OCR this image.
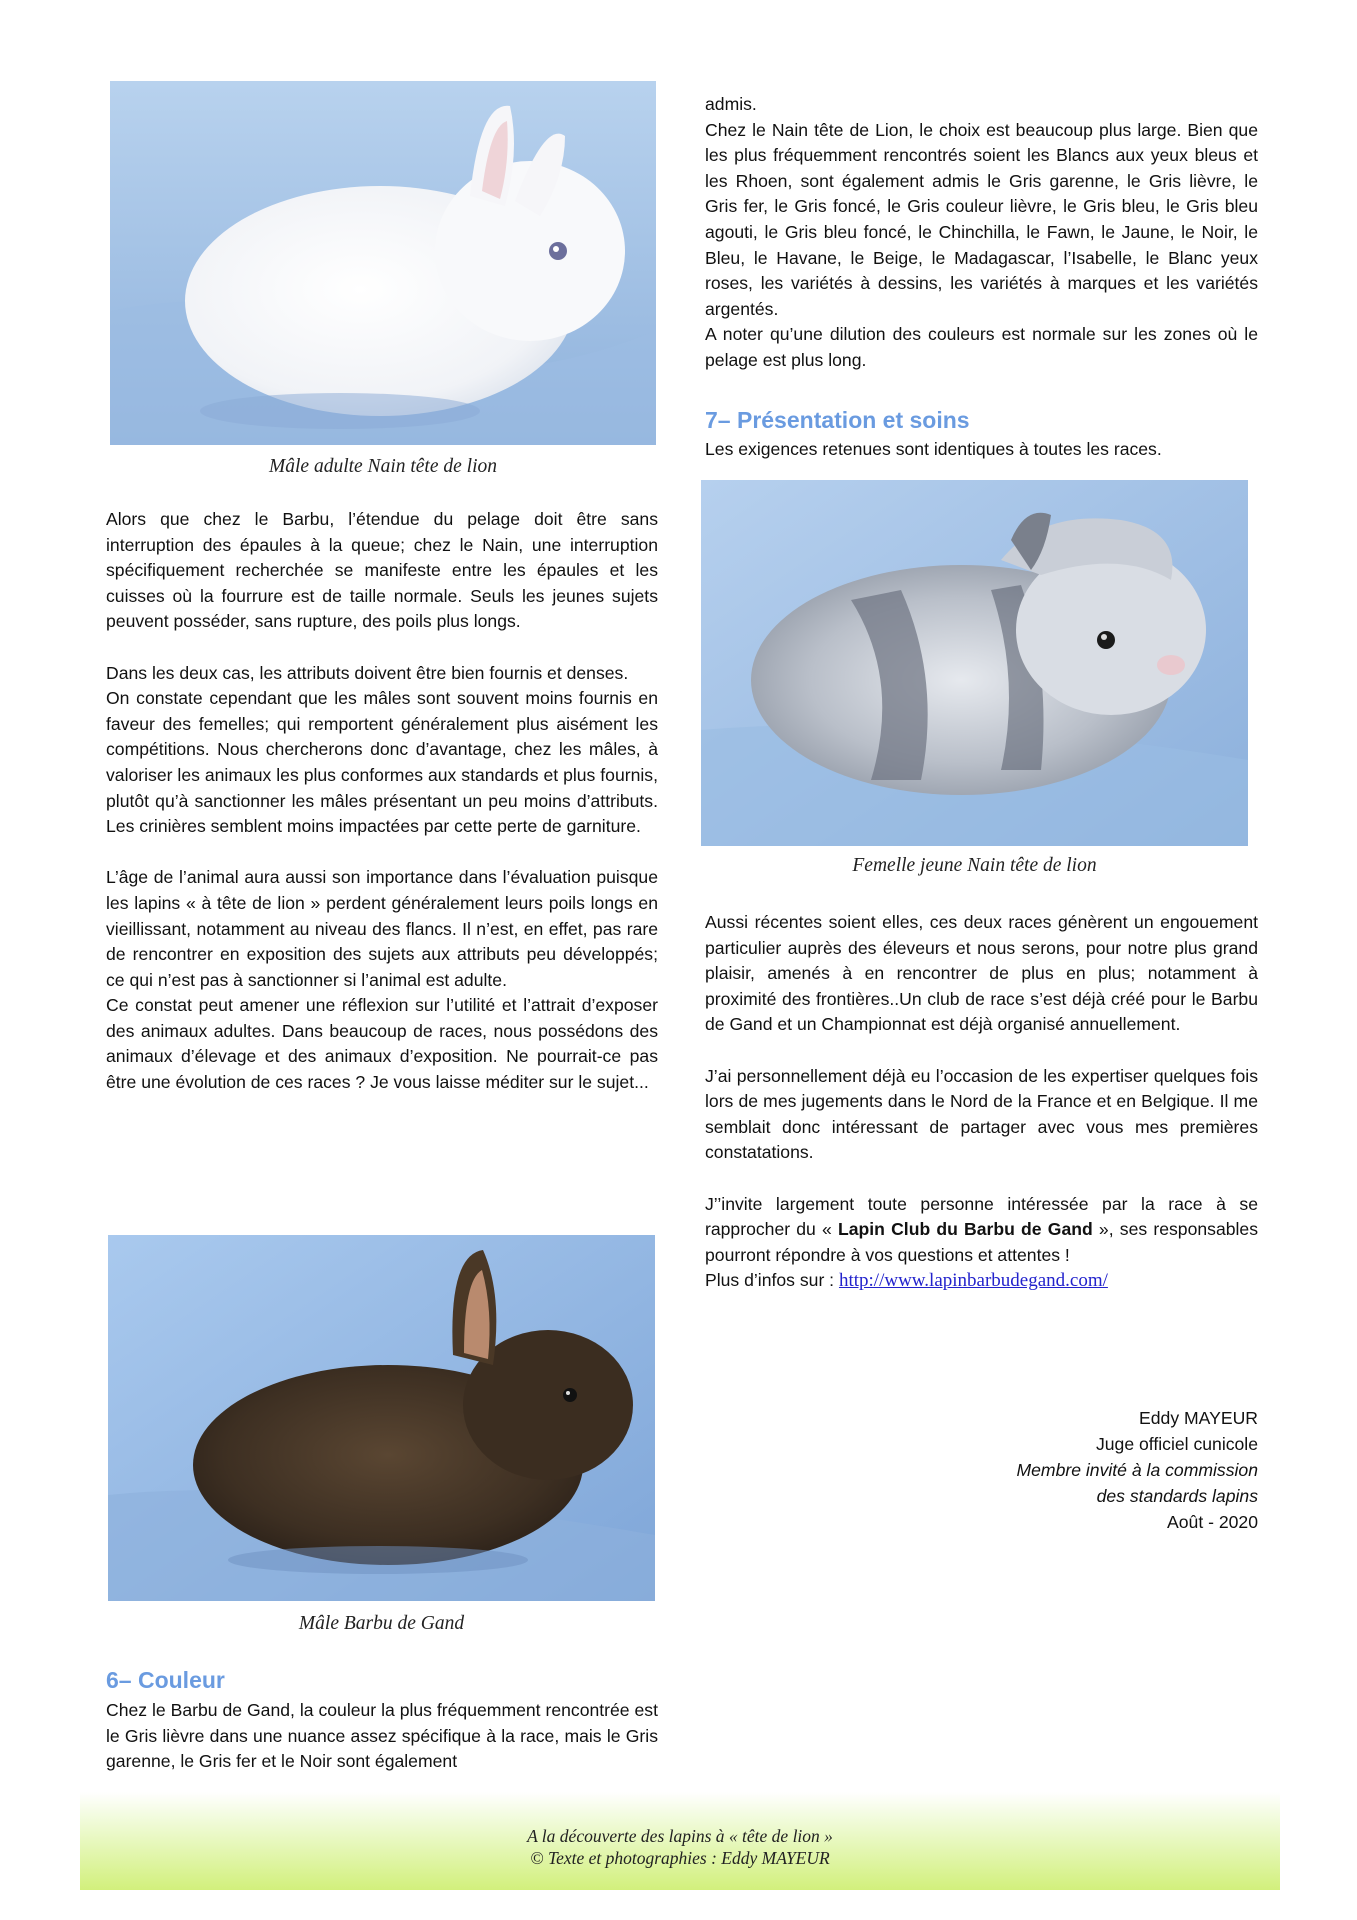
Mâle adulte Nain tête de lion

Alors que chez le Barbu, l’étendue du pelage doit être sans interruption des épaules à la queue; chez le Nain, une interruption spécifiquement recherchée se manifeste entre les épaules et les cuisses où la fourrure est de taille normale. Seuls les jeunes sujets peuvent posséder, sans rupture, des poils plus longs.

Dans les deux cas, les attributs doivent être bien fournis et denses.

On constate cependant que les mâles sont souvent moins fournis en faveur des femelles; qui remportent généralement plus aisément les compétitions. Nous chercherons donc d’avantage, chez les mâles, à valoriser les animaux les plus conformes aux standards et plus fournis, plutôt qu’à sanctionner les mâles présentant un peu moins d’attributs. Les crinières semblent moins impactées par cette perte de garniture.

L’âge de l’animal aura aussi son importance dans l’évaluation puisque les lapins « à tête de lion » perdent généralement leurs poils longs en vieillissant, notamment au niveau des flancs. Il n’est, en effet, pas rare de rencontrer en exposition des sujets aux attributs peu développés; ce qui n’est pas à sanctionner si l’animal est adulte.

Ce constat peut amener une réflexion sur l’utilité et l’attrait d’exposer des animaux adultes. Dans beaucoup de races, nous possédons des animaux d’élevage et des animaux d’exposition. Ne pourrait-ce pas être une évolution de ces races ? Je vous laisse méditer sur le sujet...

Mâle Barbu de Gand
6– Couleur

Chez le Barbu de Gand, la couleur la plus fréquemment rencontrée est le Gris lièvre dans une nuance assez spécifique à la race, mais le Gris garenne, le Gris fer et le Noir sont également

admis.

Chez le Nain tête de Lion, le choix est beaucoup plus large. Bien que les plus fréquemment rencontrés soient les Blancs aux yeux bleus et les Rhoen, sont également admis le Gris garenne, le Gris lièvre, le Gris fer, le Gris foncé, le Gris couleur lièvre, le Gris bleu, le Gris bleu agouti, le Gris bleu foncé, le Chinchilla, le Fawn, le Jaune, le Noir, le Bleu, le Havane, le Beige, le Madagascar, l’Isabelle, le Blanc yeux roses, les variétés à dessins, les variétés à marques et les variétés argentés.

A noter qu’une dilution des couleurs est normale sur les zones où le pelage est plus long.

7– Présentation et soins

Les exigences retenues sont identiques à toutes les races.

Femelle jeune Nain tête de lion

Aussi récentes soient elles, ces deux races génèrent un engouement particulier auprès des éleveurs et nous serons, pour notre plus grand plaisir, amenés à en rencontrer de plus en plus; notamment à proximité des frontières..Un club de race s’est déjà créé pour le Barbu de Gand et un Championnat est déjà organisé annuellement.

J’ai personnellement déjà eu l’occasion de les expertiser quelques fois lors de mes jugements dans le Nord de la France et en Belgique. Il me semblait donc intéressant de partager avec vous mes premières constatations.

J’’invite largement toute personne intéressée par la race à se rapprocher du « Lapin Club du Barbu de Gand », ses responsables pourront répondre à vos questions et attentes !

Plus d’infos sur : http://www.lapinbarbudegand.com/

Eddy MAYEUR
Juge officiel cunicole
Membre invité à la commission
des standards lapins
Août - 2020
A la découverte des lapins à « tête de lion »
© Texte et photographies : Eddy MAYEUR
